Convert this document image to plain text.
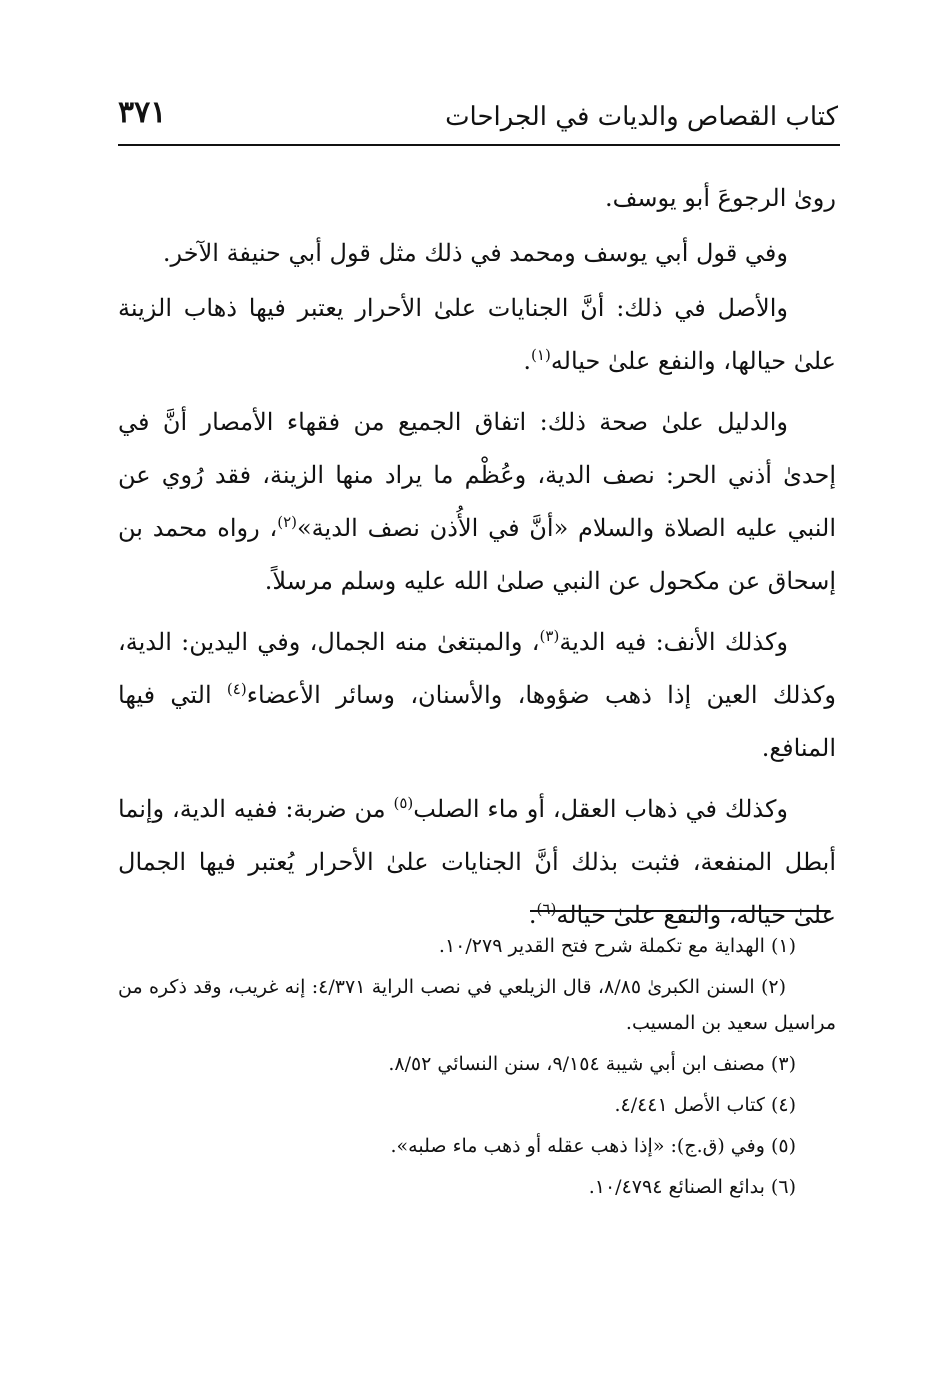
كتاب القصاص والديات في الجراحات
٣٧١

رویٰ الرجوعَ أبو يوسف.

وفي قول أبي يوسف ومحمد في ذلك مثل قول أبي حنيفة الآخر.

والأصل في ذلك: أنَّ الجنايات علىٰ الأحرار يعتبر فيها ذهاب الزينة علىٰ حيالها، والنفع علىٰ حياله$^{(١)}$.

والدليل علىٰ صحة ذلك: اتفاق الجميع من فقهاء الأمصار أنَّ في إحدىٰ أذني الحر: نصف الدية، وعُظْم ما يراد منها الزينة، فقد رُوي عن النبي عليه الصلاة والسلام «أنَّ في الأُذن نصف الدية»$^{(٢)}$، رواه محمد بن إسحاق عن مكحول عن النبي صلىٰ الله عليه وسلم مرسلاً.

وكذلك الأنف: فيه الدية$^{(٣)}$، والمبتغىٰ منه الجمال، وفي اليدين: الدية، وكذلك العين إذا ذهب ضؤوها، والأسنان، وسائر الأعضاء$^{(٤)}$ التي فيها المنافع.

وكذلك في ذهاب العقل، أو ماء الصلب$^{(٥)}$ من ضربة: ففيه الدية، وإنما أبطل المنفعة، فثبت بذلك أنَّ الجنايات علىٰ الأحرار يُعتبر فيها الجمال علىٰ حياله، والنفع علىٰ حياله$^{(٦)}$.

(١) الهداية مع تكملة شرح فتح القدير ١٠/٢٧٩.

(٢) السنن الكبرىٰ ٨/٨٥، قال الزيلعي في نصب الراية ٤/٣٧١: إنه غريب، وقد ذكره من مراسيل سعيد بن المسيب.

(٣) مصنف ابن أبي شيبة ٩/١٥٤، سنن النسائي ٨/٥٢.

(٤) كتاب الأصل ٤/٤٤١.

(٥) وفي (ق.ج): «إذا ذهب عقله أو ذهب ماء صلبه».

(٦) بدائع الصنائع ١٠/٤٧٩٤.
